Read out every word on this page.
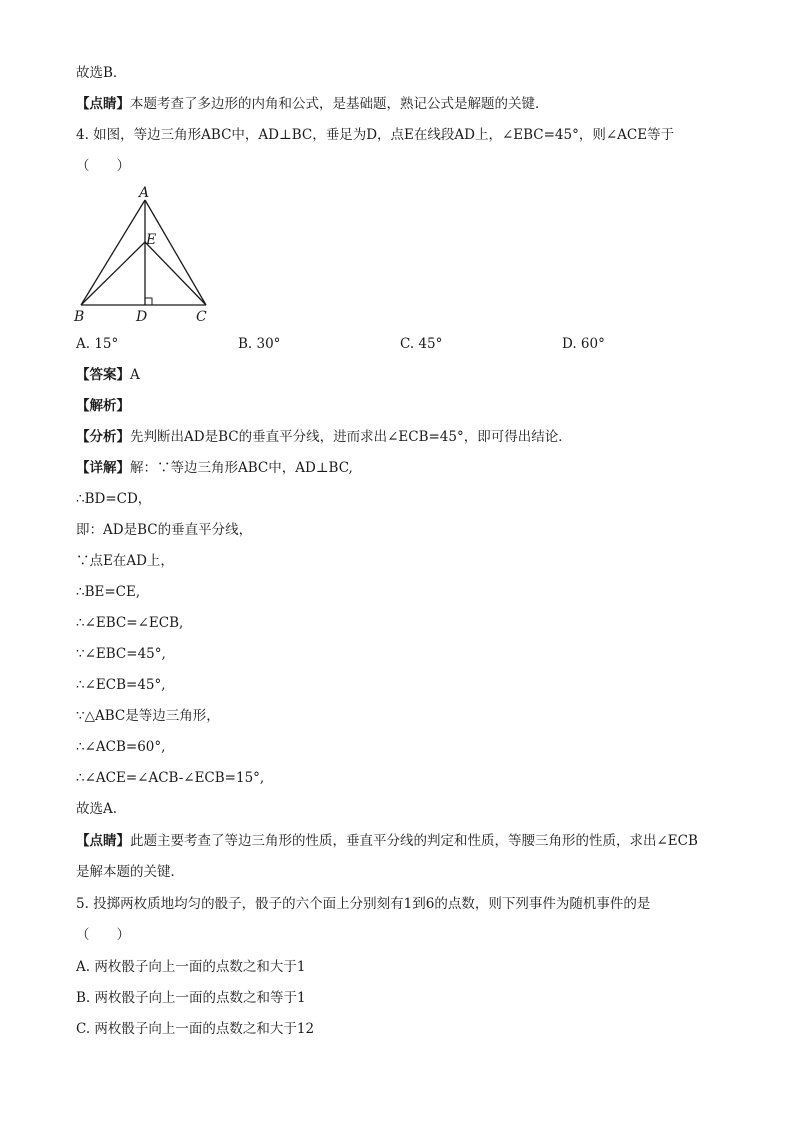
故选B．
【点睛】本题考查了多边形的内角和公式，是基础题，熟记公式是解题的关键．
4. 如图，等边三角形ABC中，AD⊥BC，垂足为D，点E在线段AD上，∠EBC=45°，则∠ACE等于
（　　）
A
E
B	D	C
A. 15°	B. 30°	C. 45°	D. 60°
【答案】A
【解析】
【分析】先判断出AD是BC的垂直平分线，进而求出∠ECB=45°，即可得出结论．
【详解】解：∵等边三角形ABC中，AD⊥BC,
∴BD=CD，
即：AD是BC的垂直平分线，
∵点E在AD上，
∴BE=CE,
∴∠EBC=∠ECB,
∵∠EBC=45°,
∴∠ECB=45°,
∵△ABC是等边三角形，
∴∠ACB=60°,
∴∠ACE=∠ACB-∠ECB=15°,
故选A.
【点睛】此题主要考查了等边三角形的性质，垂直平分线的判定和性质，等腰三角形的性质，求出∠ECB
是解本题的关键．
5. 投掷两枚质地均匀的骰子，骰子的六个面上分别刻有1到6的点数，则下列事件为随机事件的是
（　　）
A. 两枚骰子向上一面的点数之和大于1
B. 两枚骰子向上一面的点数之和等于1
C. 两枚骰子向上一面的点数之和大于12
